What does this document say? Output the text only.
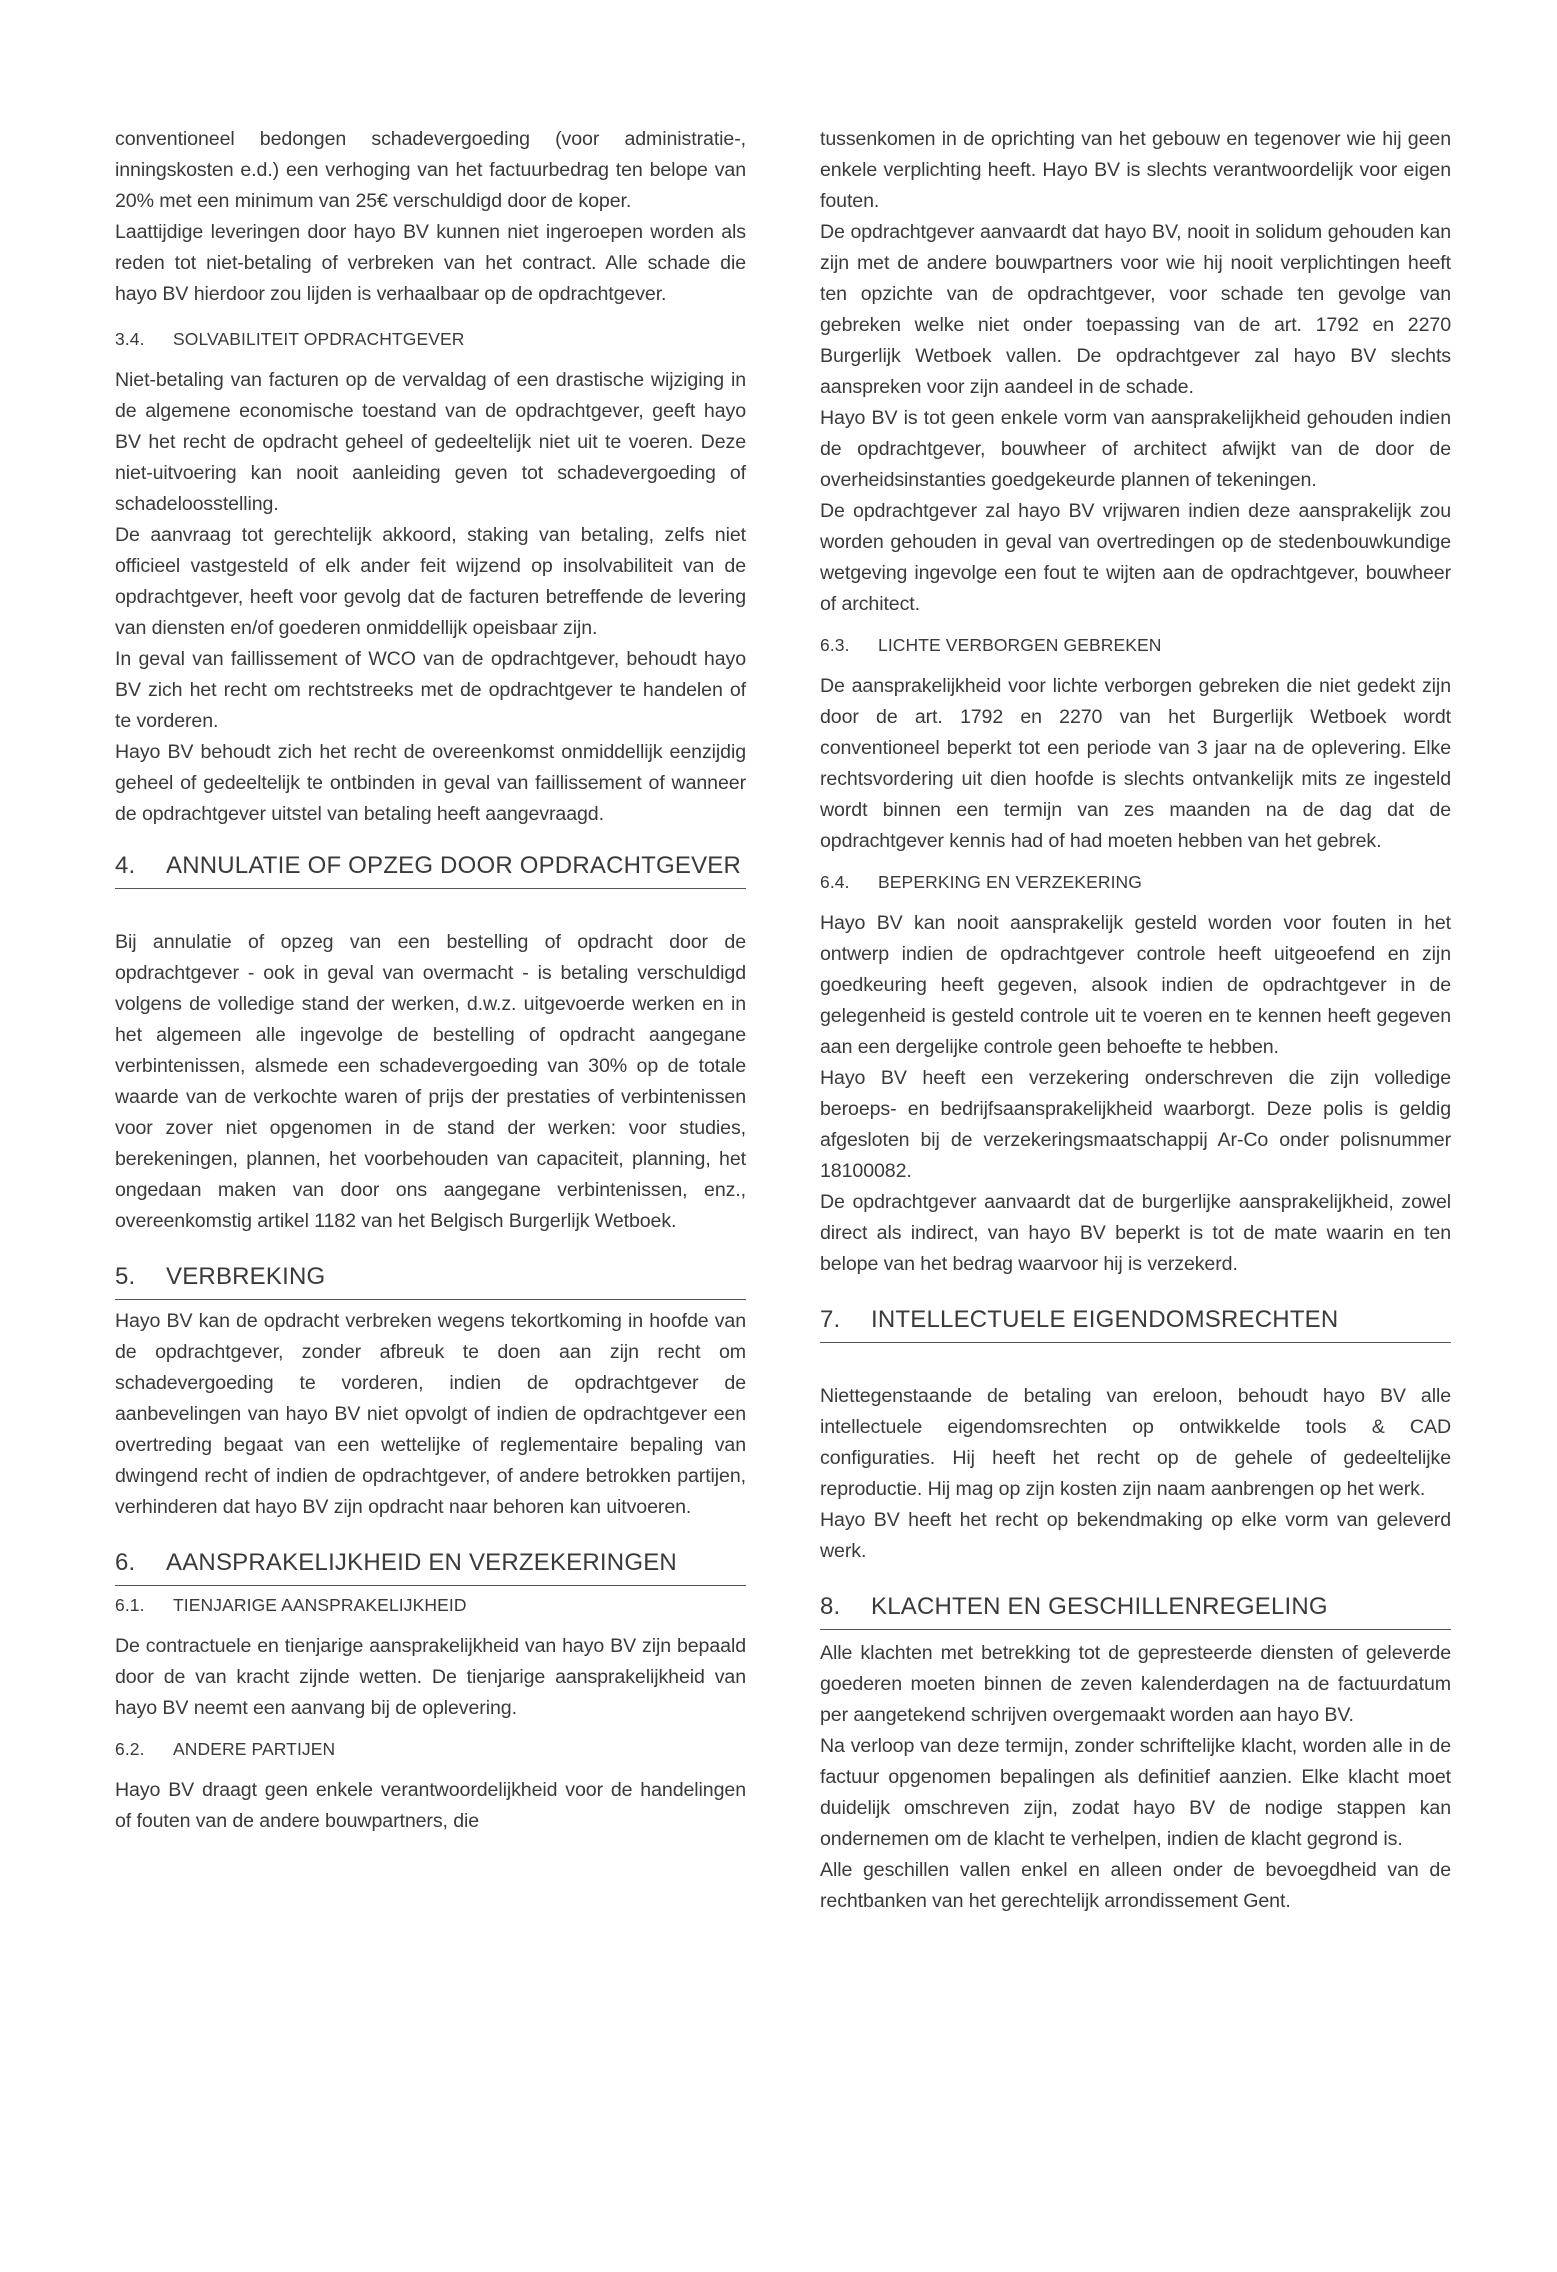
conventioneel bedongen schadevergoeding (voor administratie-, inningskosten e.d.) een verhoging van het factuurbedrag ten belope van 20% met een minimum van 25€ verschuldigd door de koper.

Laattijdige leveringen door hayo BV kunnen niet ingeroepen worden als reden tot niet-betaling of verbreken van het contract. Alle schade die hayo BV hierdoor zou lijden is verhaalbaar op de opdrachtgever.

3.4. SOLVABILITEIT OPDRACHTGEVER

Niet-betaling van facturen op de vervaldag of een drastische wijziging in de algemene economische toestand van de opdrachtgever, geeft hayo BV het recht de opdracht geheel of gedeeltelijk niet uit te voeren. Deze niet-uitvoering kan nooit aanleiding geven tot schadevergoeding of schadeloosstelling.

De aanvraag tot gerechtelijk akkoord, staking van betaling, zelfs niet officieel vastgesteld of elk ander feit wijzend op insolvabiliteit van de opdrachtgever, heeft voor gevolg dat de facturen betreffende de levering van diensten en/of goederen onmiddellijk opeisbaar zijn.

In geval van faillissement of WCO van de opdrachtgever, behoudt hayo BV zich het recht om rechtstreeks met de opdrachtgever te handelen of te vorderen.

Hayo BV behoudt zich het recht de overeenkomst onmiddellijk eenzijdig geheel of gedeeltelijk te ontbinden in geval van faillissement of wanneer de opdrachtgever uitstel van betaling heeft aangevraagd.

4. ANNULATIE OF OPZEG DOOR OPDRACHTGEVER

Bij annulatie of opzeg van een bestelling of opdracht door de opdrachtgever - ook in geval van overmacht - is betaling verschuldigd volgens de volledige stand der werken, d.w.z. uitgevoerde werken en in het algemeen alle ingevolge de bestelling of opdracht aangegane verbintenissen, alsmede een schadevergoeding van 30% op de totale waarde van de verkochte waren of prijs der prestaties of verbintenissen voor zover niet opgenomen in de stand der werken: voor studies, berekeningen, plannen, het voorbehouden van capaciteit, planning, het ongedaan maken van door ons aangegane verbintenissen, enz., overeenkomstig artikel 1182 van het Belgisch Burgerlijk Wetboek.

5. VERBREKING

Hayo BV kan de opdracht verbreken wegens tekortkoming in hoofde van de opdrachtgever, zonder afbreuk te doen aan zijn recht om schadevergoeding te vorderen, indien de opdrachtgever de aanbevelingen van hayo BV niet opvolgt of indien de opdrachtgever een overtreding begaat van een wettelijke of reglementaire bepaling van dwingend recht of indien de opdrachtgever, of andere betrokken partijen, verhinderen dat hayo BV zijn opdracht naar behoren kan uitvoeren.

6. AANSPRAKELIJKHEID EN VERZEKERINGEN
6.1. TIENJARIGE AANSPRAKELIJKHEID

De contractuele en tienjarige aansprakelijkheid van hayo BV zijn bepaald door de van kracht zijnde wetten. De tienjarige aansprakelijkheid van hayo BV neemt een aanvang bij de oplevering.

6.2. ANDERE PARTIJEN

Hayo BV draagt geen enkele verantwoordelijkheid voor de handelingen of fouten van de andere bouwpartners, die

tussenkomen in de oprichting van het gebouw en tegenover wie hij geen enkele verplichting heeft. Hayo BV is slechts verantwoordelijk voor eigen fouten.

De opdrachtgever aanvaardt dat hayo BV, nooit in solidum gehouden kan zijn met de andere bouwpartners voor wie hij nooit verplichtingen heeft ten opzichte van de opdrachtgever, voor schade ten gevolge van gebreken welke niet onder toepassing van de art. 1792 en 2270 Burgerlijk Wetboek vallen. De opdrachtgever zal hayo BV slechts aanspreken voor zijn aandeel in de schade.

Hayo BV is tot geen enkele vorm van aansprakelijkheid gehouden indien de opdrachtgever, bouwheer of architect afwijkt van de door de overheidsinstanties goedgekeurde plannen of tekeningen.

De opdrachtgever zal hayo BV vrijwaren indien deze aansprakelijk zou worden gehouden in geval van overtredingen op de stedenbouwkundige wetgeving ingevolge een fout te wijten aan de opdrachtgever, bouwheer of architect.

6.3. LICHTE VERBORGEN GEBREKEN

De aansprakelijkheid voor lichte verborgen gebreken die niet gedekt zijn door de art. 1792 en 2270 van het Burgerlijk Wetboek wordt conventioneel beperkt tot een periode van 3 jaar na de oplevering. Elke rechtsvordering uit dien hoofde is slechts ontvankelijk mits ze ingesteld wordt binnen een termijn van zes maanden na de dag dat de opdrachtgever kennis had of had moeten hebben van het gebrek.

6.4. BEPERKING EN VERZEKERING

Hayo BV kan nooit aansprakelijk gesteld worden voor fouten in het ontwerp indien de opdrachtgever controle heeft uitgeoefend en zijn goedkeuring heeft gegeven, alsook indien de opdrachtgever in de gelegenheid is gesteld controle uit te voeren en te kennen heeft gegeven aan een dergelijke controle geen behoefte te hebben.

Hayo BV heeft een verzekering onderschreven die zijn volledige beroeps- en bedrijfsaansprakelijkheid waarborgt. Deze polis is geldig afgesloten bij de verzekeringsmaatschappij Ar-Co onder polisnummer 18100082.

De opdrachtgever aanvaardt dat de burgerlijke aansprakelijkheid, zowel direct als indirect, van hayo BV beperkt is tot de mate waarin en ten belope van het bedrag waarvoor hij is verzekerd.

7. INTELLECTUELE EIGENDOMSRECHTEN

Niettegenstaande de betaling van ereloon, behoudt hayo BV alle intellectuele eigendomsrechten op ontwikkelde tools & CAD configuraties. Hij heeft het recht op de gehele of gedeeltelijke reproductie. Hij mag op zijn kosten zijn naam aanbrengen op het werk.

Hayo BV heeft het recht op bekendmaking op elke vorm van geleverd werk.

8. KLACHTEN EN GESCHILLENREGELING

Alle klachten met betrekking tot de gepresteerde diensten of geleverde goederen moeten binnen de zeven kalenderdagen na de factuurdatum per aangetekend schrijven overgemaakt worden aan hayo BV.

Na verloop van deze termijn, zonder schriftelijke klacht, worden alle in de factuur opgenomen bepalingen als definitief aanzien. Elke klacht moet duidelijk omschreven zijn, zodat hayo BV de nodige stappen kan ondernemen om de klacht te verhelpen, indien de klacht gegrond is.

Alle geschillen vallen enkel en alleen onder de bevoegdheid van de rechtbanken van het gerechtelijk arrondissement Gent.
